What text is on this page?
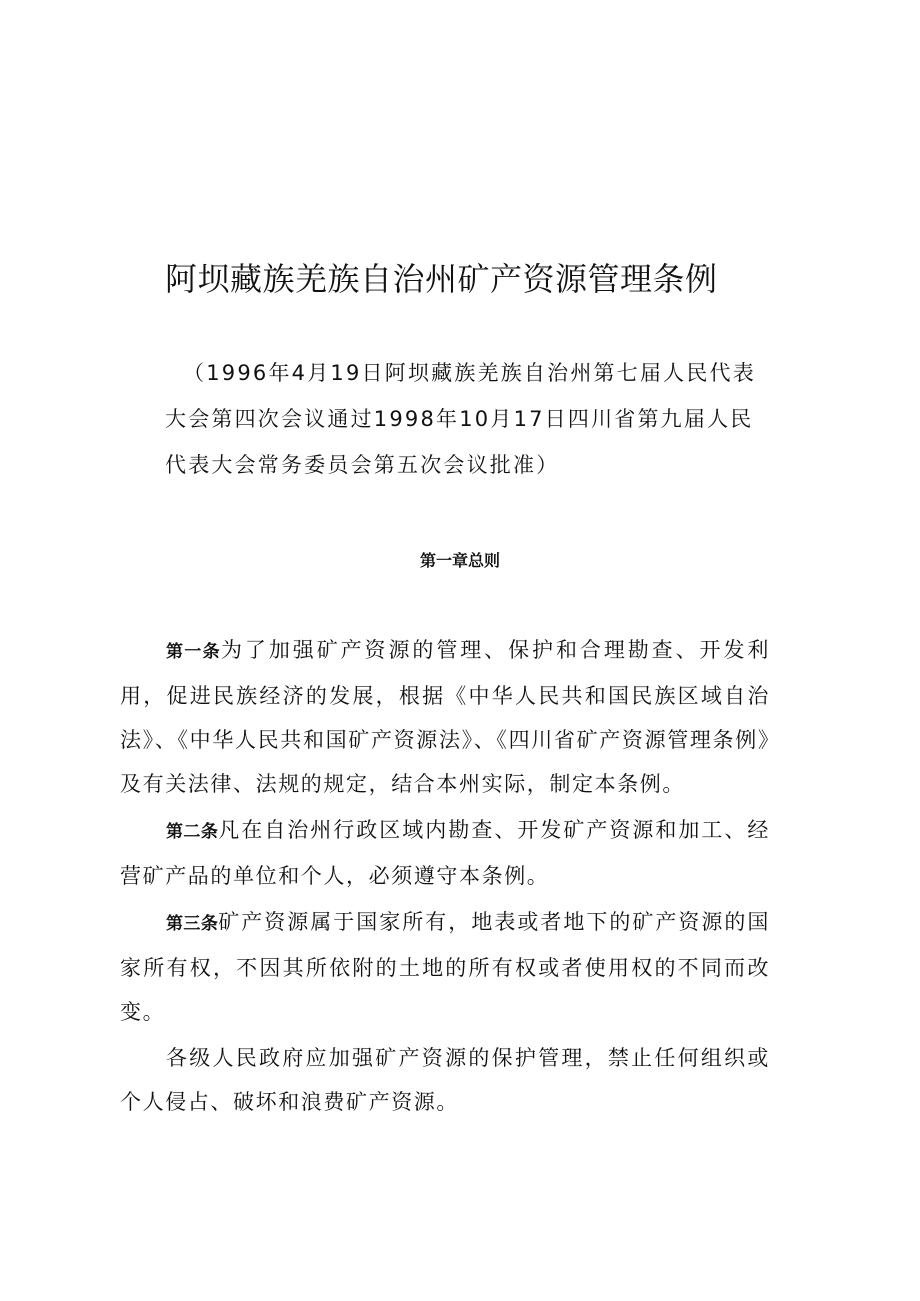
阿坝藏族羌族自治州矿产资源管理条例

（1996年4月19日阿坝藏族羌族自治州第七届人民代表大会第四次会议通过1998年10月17日四川省第九届人民代表大会常务委员会第五次会议批准）

第一章总则

第一条为了加强矿产资源的管理、保护和合理勘查、开发利用，促进民族经济的发展，根据《中华人民共和国民族区域自治法》、《中华人民共和国矿产资源法》、《四川省矿产资源管理条例》及有关法律、法规的规定，结合本州实际，制定本条例。

第二条凡在自治州行政区域内勘查、开发矿产资源和加工、经营矿产品的单位和个人，必须遵守本条例。

第三条矿产资源属于国家所有，地表或者地下的矿产资源的国家所有权，不因其所依附的土地的所有权或者使用权的不同而改变。

各级人民政府应加强矿产资源的保护管理，禁止任何组织或个人侵占、破坏和浪费矿产资源。
